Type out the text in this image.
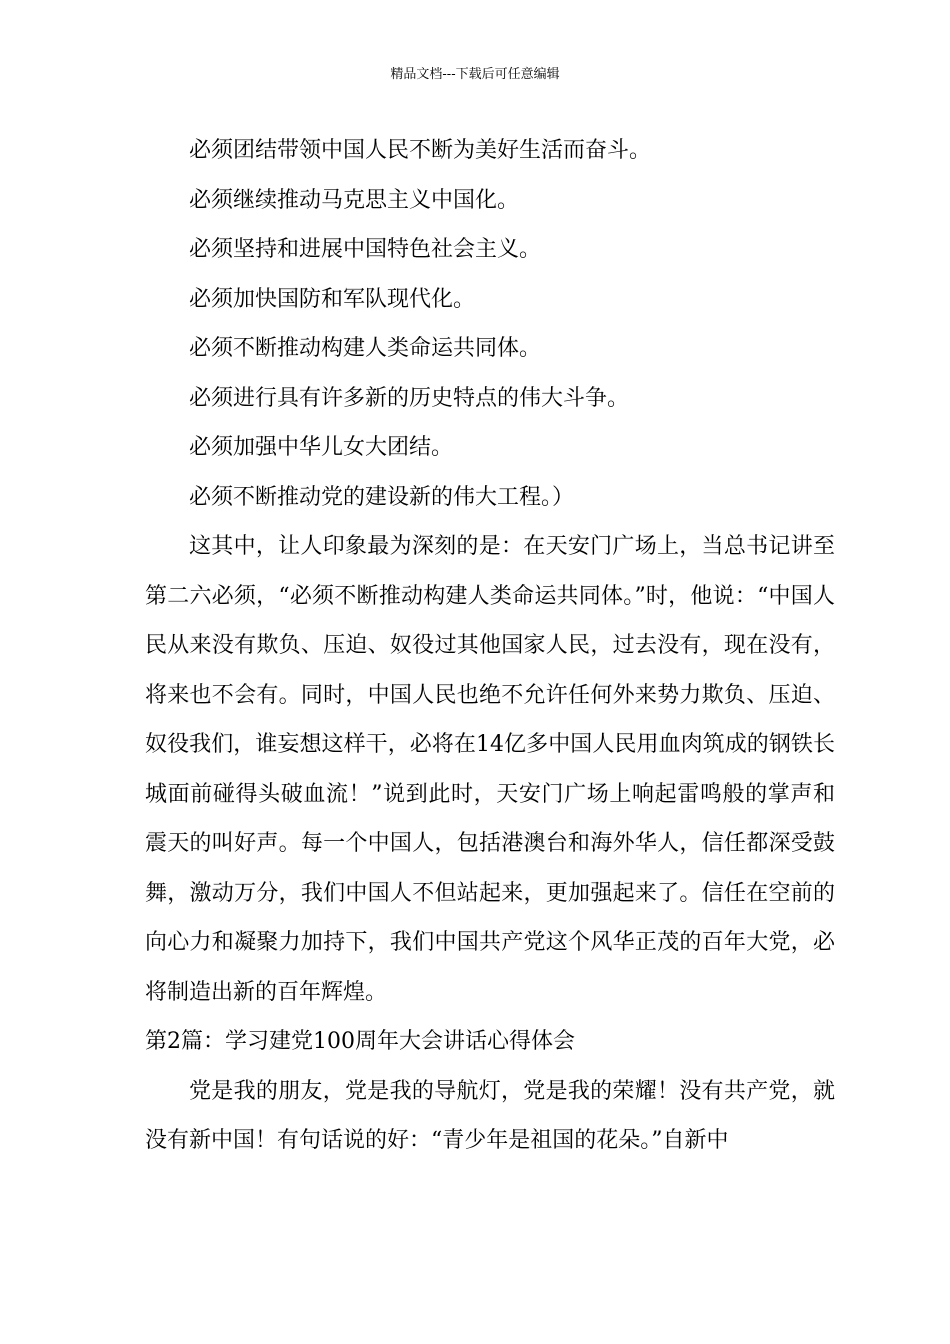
精品文档---下载后可任意编辑

必须团结带领中国人民不断为美好生活而奋斗。

必须继续推动马克思主义中国化。

必须坚持和进展中国特色社会主义。

必须加快国防和军队现代化。

必须不断推动构建人类命运共同体。

必须进行具有许多新的历史特点的伟大斗争。

必须加强中华儿女大团结。

必须不断推动党的建设新的伟大工程。）

这其中，让人印象最为深刻的是：在天安门广场上，当总书记讲至第二六必须，“必须不断推动构建人类命运共同体。”时，他说：“中国人民从来没有欺负、压迫、奴役过其他国家人民，过去没有，现在没有，将来也不会有。同时，中国人民也绝不允许任何外来势力欺负、压迫、奴役我们，谁妄想这样干，必将在14亿多中国人民用血肉筑成的钢铁长城面前碰得头破血流！”说到此时，天安门广场上响起雷鸣般的掌声和震天的叫好声。每一个中国人，包括港澳台和海外华人，信任都深受鼓舞，激动万分，我们中国人不但站起来，更加强起来了。信任在空前的向心力和凝聚力加持下，我们中国共产党这个风华正茂的百年大党，必将制造出新的百年辉煌。

第2篇：学习建党100周年大会讲话心得体会

党是我的朋友，党是我的导航灯，党是我的荣耀！没有共产党，就没有新中国！有句话说的好：“青少年是祖国的花朵。”自新中
